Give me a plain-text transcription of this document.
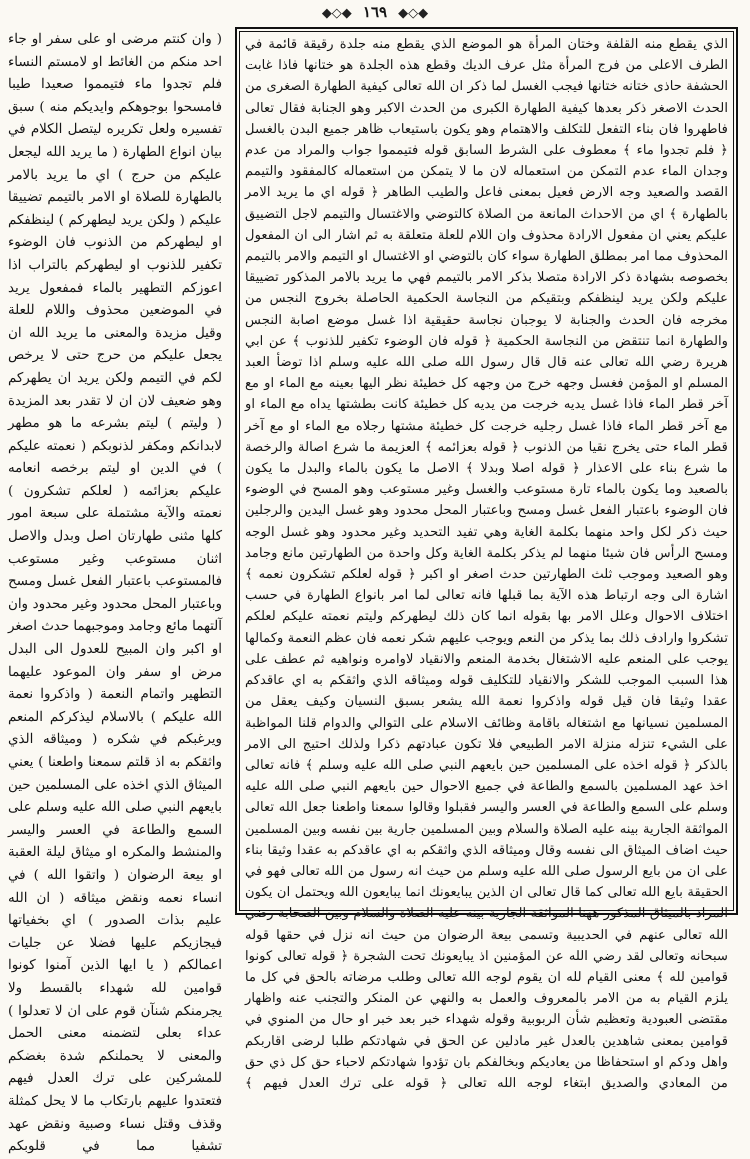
◆◇◆ ١٦٩ ◆◇◆

الذي يقطع منه القلفة وختان المرأة هو الموضع الذي يقطع منه جلدة رقيقة قائمة في الطرف الاعلى من فرج المرأة مثل عرف الديك وقطع هذه الجلدة هو ختانها فاذا غابت الحشفة حاذى ختانه ختانها فيجب الغسل لما ذكر ان الله تعالى كيفية الطهارة الصغرى من الحدث الاصغر ذكر بعدها كيفية الطهارة الكبرى من الحدث الاكبر وهو الجنابة فقال تعالى فاطهروا فان بناء التفعل للتكلف والاهتمام وهو يكون باستيعاب ظاهر جميع البدن بالغسل ﴿ فلم تجدوا ماء ﴾ معطوف على الشرط السابق قوله فتيمموا جواب والمراد من عدم وجدان الماء عدم التمكن من استعماله لان ما لا يتمكن من استعماله كالمفقود والتيمم القصد والصعيد وجه الارض فعيل بمعنى فاعل والطيب الطاهر ﴿ قوله اي ما يريد الامر بالطهارة ﴾ اي من الاحداث المانعة من الصلاة كالتوضي والاغتسال والتيمم لاجل التضييق عليكم يعني ان مفعول الارادة محذوف وان اللام للعلة متعلقة به ثم اشار الى ان المفعول المحذوف مما امر بمطلق الطهارة سواء كان بالتوضي او الاغتسال او التيمم والامر بالتيمم بخصوصه بشهادة ذكر الارادة متصلا بذكر الامر بالتيمم فهي ما يريد بالامر المذكور تضييقا عليكم ولكن يريد لينظفكم وبتقيكم من النجاسة الحكمية الحاصلة بخروج النجس من مخرجه فان الحدث والجنابة لا يوجبان نجاسة حقيقية اذا غسل موضع اصابة النجس والطهارة انما تنتقض من النجاسة الحكمية ﴿ قوله فان الوضوء تكفير للذنوب ﴾ عن ابي هريرة رضي الله تعالى عنه قال قال رسول الله صلى الله عليه وسلم اذا توضأ العبد المسلم او المؤمن فغسل وجهه خرج من وجهه كل خطيئة نظر اليها بعينه مع الماء او مع آخر قطر الماء فاذا غسل يديه خرجت من يديه كل خطيئة كانت بطشتها يداه مع الماء او مع آخر قطر الماء فاذا غسل رجليه خرجت كل خطيئة مشتها رجلاه مع الماء او مع آخر قطر الماء حتى يخرج نقيا من الذنوب ﴿ قوله بعزائمه ﴾ العزيمة ما شرع اصالة والرخصة ما شرع بناء على الاعذار ﴿ قوله اصلا وبدلا ﴾ الاصل ما يكون بالماء والبدل ما يكون بالصعيد وما يكون بالماء تارة مستوعب والغسل وغير مستوعب وهو المسح في الوضوء فان الوضوء باعتبار الفعل غسل ومسح وباعتبار المحل محدود وهو غسل اليدين والرجلين حيث ذكر لكل واحد منهما بكلمة الغاية وهي تفيد التحديد وغير محدود وهو غسل الوجه ومسح الرأس فان شيئا منهما لم يذكر بكلمة الغاية وكل واحدة من الطهارتين مانع وجامد وهو الصعيد وموجب ثلث الطهارتين حدث اصغر او اكبر ﴿ قوله لعلكم تشكرون نعمه ﴾ اشارة الى وجه ارتباط هذه الآية بما قبلها فانه تعالى لما امر بانواع الطهارة في حسب اختلاف الاحوال وعلل الامر بها بقوله انما كان ذلك ليطهركم وليتم نعمته عليكم لعلكم تشكروا وارادف ذلك بما يذكر من النعم ويوجب عليهم شكر نعمه فان عظم النعمة وكمالها يوجب على المنعم عليه الاشتغال بخدمة المنعم والانقياد لاوامره ونواهيه ثم عطف على هذا السبب الموجب للشكر والانقياد للتكليف قوله وميثاقه الذي واثقكم به اي عاقدكم عقدا وثيقا فان قيل قوله واذكروا نعمة الله يشعر بسبق النسيان وكيف يعقل من المسلمين نسيانها مع اشتغاله باقامة وظائف الاسلام على التوالي والدوام قلنا المواظبة على الشيء تنزله منزلة الامر الطبيعي فلا تكون عبادتهم ذكرا ولذلك احتيج الى الامر بالذكر ﴿ قوله اخذه على المسلمين حين بايعهم النبي صلى الله عليه وسلم ﴾ فانه تعالى اخذ عهد المسلمين بالسمع والطاعة في جميع الاحوال حين بايعهم النبي صلى الله عليه وسلم على السمع والطاعة في العسر واليسر فقبلوا وقالوا سمعنا واطعنا جعل الله تعالى المواثقة الجارية بينه عليه الصلاة والسلام وبين المسلمين جارية بين نفسه وبين المسلمين حيث اضاف الميثاق الى نفسه وقال وميثاقه الذي واثقكم به اي عاقدكم به عقدا وثيقا بناء على ان من بايع الرسول صلى الله عليه وسلم من حيث انه رسول من الله تعالى فهو في الحقيقة بايع الله تعالى كما قال تعالى ان الذين يبايعونك انما يبايعون الله ويحتمل ان يكون المراد بالميثاق المذكور ههنا المواثقة الجارية بينه عليه الصلاة والسلام وبين الصحابة رضي الله تعالى عنهم في الحديبية وتسمى بيعة الرضوان من حيث انه نزل في حقها قوله سبحانه وتعالى لقد رضي الله عن المؤمنين اذ يبايعونك تحت الشجرة ﴿ قوله تعالى كونوا قوامين لله ﴾ معنى القيام لله ان يقوم لوجه الله تعالى وطلب مرضاته بالحق في كل ما يلزم القيام به من الامر بالمعروف والعمل به والنهي عن المنكر والتجنب عنه واظهار مقتضى العبودية وتعظيم شأن الربوبية وقوله شهداء خبر بعد خبر او حال من المنوي في قوامين بمعنى شاهدين بالعدل غير مادلين عن الحق في شهادتكم طلبا لرضى اقاربكم واهل ودكم او استحفاظا من يعاديكم وبخالفكم بان تؤدوا شهادتكم لاحباء حق كل ذي حق من المعادي والصديق ابتغاء لوجه الله تعالى ﴿ قوله على ترك العدل فيهم ﴾

( وان كنتم مرضى او على سفر او جاء احد منكم من الغائط او لامستم النساء فلم تجدوا ماء فتيمموا صعيدا طيبا فامسحوا بوجوهكم وايديكم منه ) سبق تفسيره ولعل تكريره ليتصل الكلام في بيان انواع الطهارة ( ما يريد الله ليجعل عليكم من حرج ) اي ما يريد بالامر بالطهارة للصلاة او الامر بالتيمم تضييقا عليكم ( ولكن يريد ليطهركم ) لينظفكم او ليطهركم من الذنوب فان الوضوء تكفير للذنوب او ليطهركم بالتراب اذا اعوزكم التطهير بالماء فمفعول يريد في الموضعين محذوف واللام للعلة وقيل مزيدة والمعنى ما يريد الله ان يجعل عليكم من حرج حتى لا يرخص لكم في التيمم ولكن يريد ان يطهركم وهو ضعيف لان ان لا تقدر بعد المزيدة ( وليتم ) ليتم بشرعه ما هو مطهر لابدانكم ومكفر لذنوبكم ( نعمته عليكم ) في الدين او ليتم برخصه انعامه عليكم بعزائمه ( لعلكم تشكرون ) نعمته والآية مشتملة على سبعة امور كلها مثنى طهارتان اصل وبدل والاصل اثنان مستوعب وغير مستوعب فالمستوعب باعتبار الفعل غسل ومسح وباعتبار المحل محدود وغير محدود وان آلتهما مائع وجامد وموجبهما حدث اصغر او اكبر وان المبيح للعدول الى البدل مرض او سفر وان الموعود عليهما التطهير واتمام النعمة ( واذكروا نعمة الله عليكم ) بالاسلام ليذكركم المنعم ويرغبكم في شكره ( وميثاقه الذي واثقكم به اذ قلتم سمعنا واطعنا ) يعني الميثاق الذي اخذه على المسلمين حين بايعهم النبي صلى الله عليه وسلم على السمع والطاعة في العسر واليسر والمنشط والمكره او ميثاق ليلة العقبة او بيعة الرضوان ( واتقوا الله ) في انساء نعمه ونقض ميثاقه ( ان الله عليم بذات الصدور ) اي بخفياتها فيجازيكم عليها فضلا عن جليات اعمالكم ( يا ايها الذين آمنوا كونوا قوامين لله شهداء بالقسط ولا يجرمنكم شنآن قوم على ان لا تعدلوا ) عداء بعلى لتضمنه معنى الحمل والمعنى لا يحملنكم شدة بغضكم للمشركين على ترك العدل فيهم فتعتدوا عليهم بارتكاب ما لا يحل كمثلة وقذف وقتل نساء وصبية ونقض عهد تشفيا مما في قلوبكم
